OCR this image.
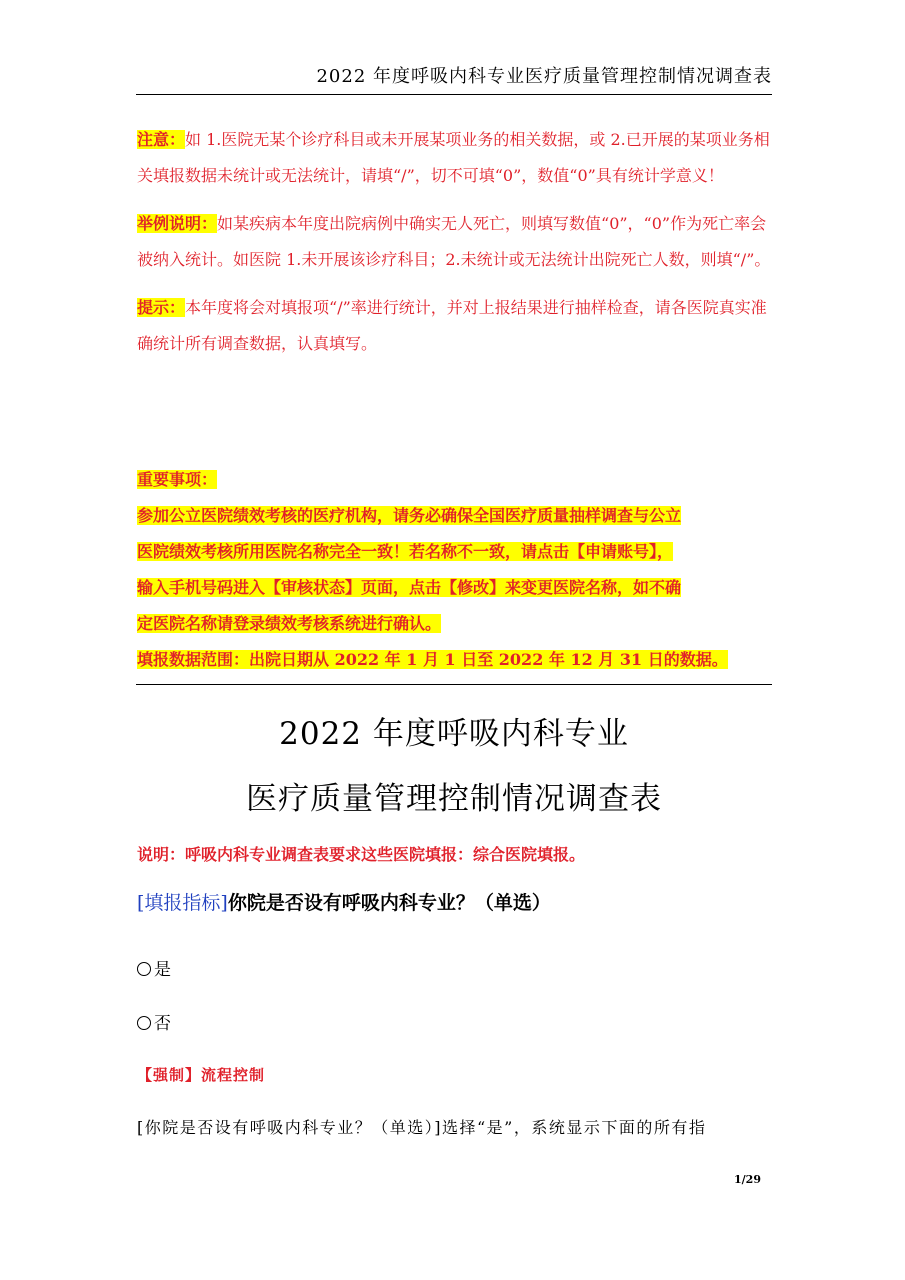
2022 年度呼吸内科专业医疗质量管理控制情况调查表

注意：如 1.医院无某个诊疗科目或未开展某项业务的相关数据，或 2.已开展的某项业务相关填报数据未统计或无法统计，请填“/”，切不可填“0”，数值“0”具有统计学意义！

举例说明：如某疾病本年度出院病例中确实无人死亡，则填写数值“0”，“0”作为死亡率会被纳入统计。如医院 1.未开展该诊疗科目；2.未统计或无法统计出院死亡人数，则填“/”。

提示：本年度将会对填报项“/”率进行统计，并对上报结果进行抽样检查，请各医院真实准确统计所有调查数据，认真填写。

重要事项：
参加公立医院绩效考核的医疗机构，请务必确保全国医疗质量抽样调查与公立
医院绩效考核所用医院名称完全一致！若名称不一致，请点击【申请账号】，
输入手机号码进入【审核状态】页面，点击【修改】来变更医院名称，如不确
定医院名称请登录绩效考核系统进行确认。
填报数据范围：出院日期从 2022 年 1 月 1 日至 2022 年 12 月 31 日的数据。
2022 年度呼吸内科专业
医疗质量管理控制情况调查表
说明：呼吸内科专业调查表要求这些医院填报：综合医院填报。
[填报指标]你院是否设有呼吸内科专业？（单选）
是
否
【强制】流程控制
[你院是否设有呼吸内科专业？（单选）]选择“是”，系统显示下面的所有指
1/29
